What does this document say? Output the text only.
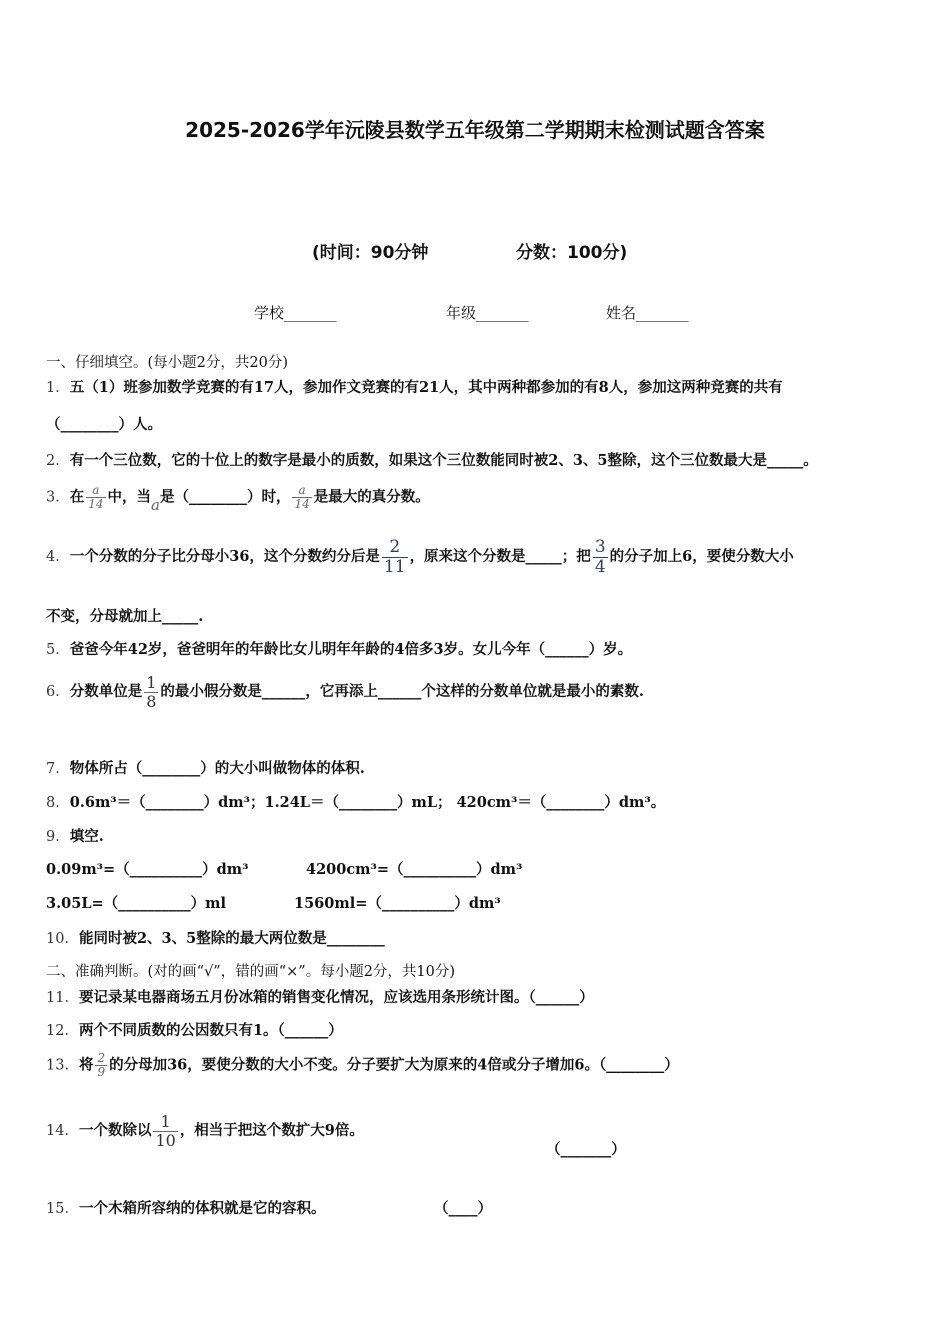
2025-2026学年沅陵县数学五年级第二学期期末检测试题含答案
(时间：90分钟	分数：100分)
学校_______	年级_______	姓名_______
一、仔细填空。(每小题2分，共20分)
1．五（1）班参加数学竞赛的有17人，参加作文竞赛的有21人，其中两种都参加的有8人，参加这两种竞赛的共有
（________）人。
2．有一个三位数，它的十位上的数字是最小的质数，如果这个三位数能同时被2、3、5整除，这个三位数最大是_____。
3．在 $\frac{a}{14}$ 中，当a是（________）时， $\frac{a}{14}$ 是最大的真分数。
4．一个分数的分子比分母小36，这个分数约分后是 $\frac{2}{11}$ ，原来这个分数是_____；把 $\frac{3}{4}$ 的分子加上6，要使分数大小
不变，分母就加上_____.
5．爸爸今年42岁，爸爸明年的年龄比女儿明年年龄的4倍多3岁。女儿今年（______）岁。
6．分数单位是 $\frac{1}{8}$ 的最小假分数是______，它再添上______个这样的分数单位就是最小的素数.
7．物体所占（________）的大小叫做物体的体积.
8．0.6m³＝（________）dm³；1.24L＝（________）mL； 420cm³＝（________）dm³。
9．填空.
0.09m³=（__________）dm³	4200cm³=（__________）dm³
3.05L=（__________）ml	1560ml=（__________）dm³
10．能同时被2、3、5整除的最大两位数是________
二、准确判断。(对的画“√”，错的画“×”。每小题2分，共10分)
11．要记录某电器商场五月份冰箱的销售变化情况，应该选用条形统计图。（______）
12．两个不同质数的公因数只有1。（______）
13．将 $\frac{2}{9}$ 的分母加36，要使分数的大小不变。分子要扩大为原来的4倍或分子增加6。（________）
14．一个数除以 $\frac{1}{10}$ ，相当于把这个数扩大9倍。
（_______）
15．一个木箱所容纳的体积就是它的容积。	（____）
